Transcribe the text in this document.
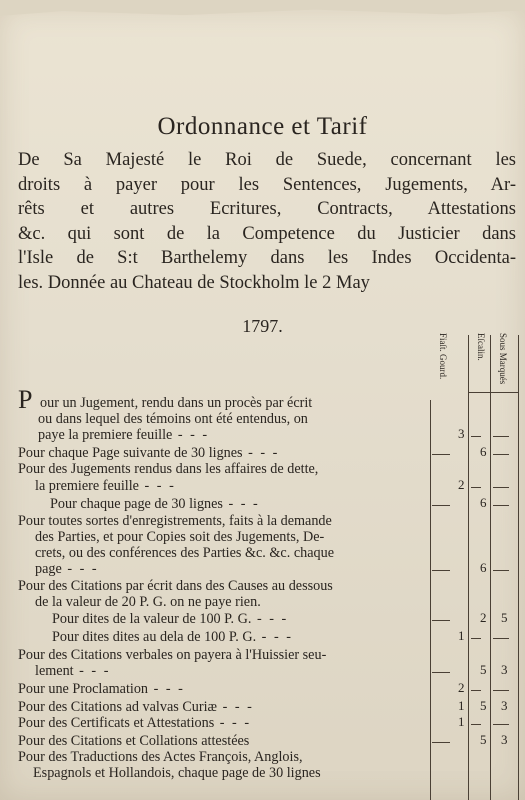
Ordonnance et Tarif
De Sa Majesté le Roi de Suede, concernant les
droits à payer pour les Sentences, Jugements, Ar-
rêts et autres Ecritures, Contracts, Attestations
&c. qui sont de la Competence du Justicier dans
l'Isle de S:t Barthelemy dans les Indes Occidenta-
les. Donnée au Chateau de Stockholm le 2 May
1797.
Fiaſt. Gourd.	Eſcalin. Sous Marqués
P our un Jugement, rendu dans un procès par écrit
ou dans lequel des témoins ont été entendus, on
paye la premiere feuille - - -
Pour chaque Page suivante de 30 lignes - - -
Pour des Jugements rendus dans les affaires de dette,
la premiere feuille - - -
Pour chaque page de 30 lignes - - -
Pour toutes sortes d'enregistrements, faits à la demande
des Parties, et pour Copies soit des Jugements, De-
crets, ou des conférences des Parties &c. &c. chaque
page - - -
Pour des Citations par écrit dans des Causes au dessous
de la valeur de 20 P. G. on ne paye rien.
Pour dites de la valeur de 100 P. G. - - -
Pour dites dites au dela de 100 P. G. - - -
Pour des Citations verbales on payera à l'Huissier seu-
lement - - -
Pour une Proclamation - - -
Pour des Citations ad valvas Curiæ - - -
Pour des Certificats et Attestations - - -
Pour des Citations et Collations attestées
Pour des Traductions des Actes François, Anglois,
Espagnols et Hollandois, chaque page de 30 lignes
3
6
2
6
6
2 5
1
5 3
2
1 5 3
1
5 3
